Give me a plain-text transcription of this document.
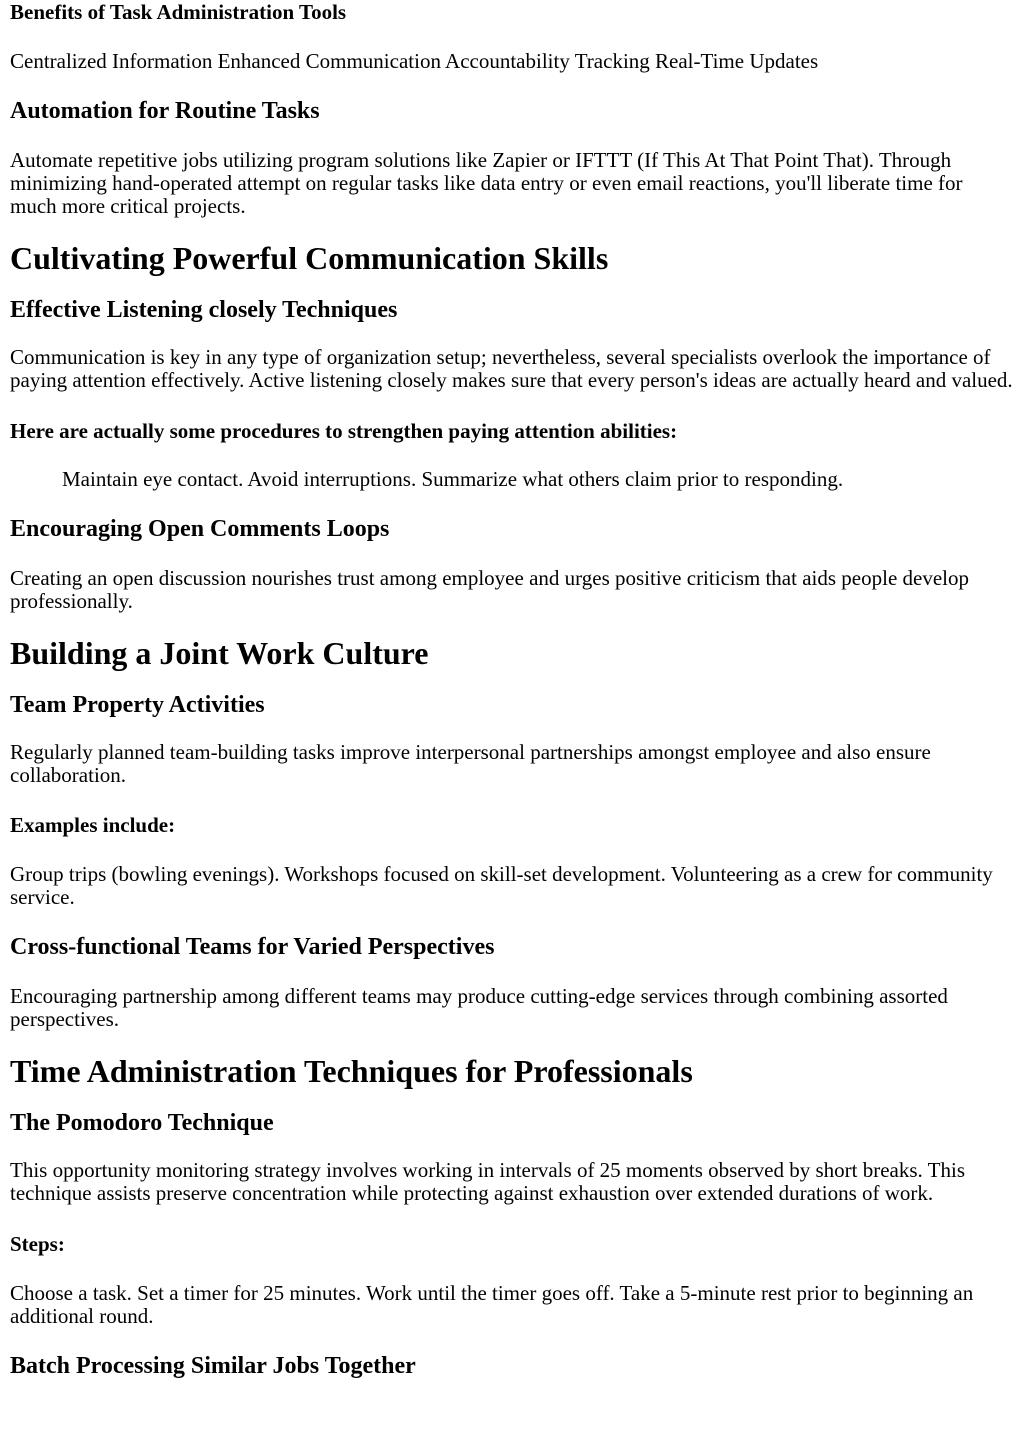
Benefits of Task Administration Tools

Centralized Information Enhanced Communication Accountability Tracking Real-Time Updates

Automation for Routine Tasks

Automate repetitive jobs utilizing program solutions like Zapier or IFTTT (If This At That Point That). Through minimizing hand-operated attempt on regular tasks like data entry or even email reactions, you'll liberate time for much more critical projects.

Cultivating Powerful Communication Skills
Effective Listening closely Techniques

Communication is key in any type of organization setup; nevertheless, several specialists overlook the importance of paying attention effectively. Active listening closely makes sure that every person's ideas are actually heard and valued.

Here are actually some procedures to strengthen paying attention abilities:

Maintain eye contact. Avoid interruptions. Summarize what others claim prior to responding.

Encouraging Open Comments Loops

Creating an open discussion nourishes trust among employee and urges positive criticism that aids people develop professionally.

Building a Joint Work Culture
Team Property Activities

Regularly planned team-building tasks improve interpersonal partnerships amongst employee and also ensure collaboration.

Examples include:

Group trips (bowling evenings). Workshops focused on skill-set development. Volunteering as a crew for community service.

Cross-functional Teams for Varied Perspectives

Encouraging partnership among different teams may produce cutting-edge services through combining assorted perspectives.

Time Administration Techniques for Professionals
The Pomodoro Technique

This opportunity monitoring strategy involves working in intervals of 25 moments observed by short breaks. This technique assists preserve concentration while protecting against exhaustion over extended durations of work.

Steps:

Choose a task. Set a timer for 25 minutes. Work until the timer goes off. Take a 5-minute rest prior to beginning an additional round.

Batch Processing Similar Jobs Together
